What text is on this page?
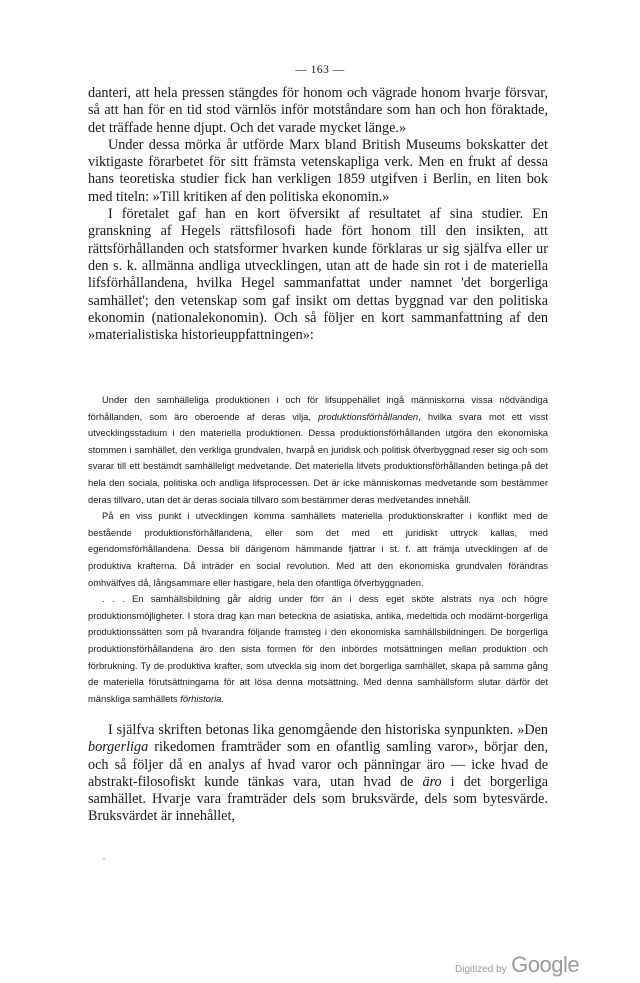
— 163 —

danteri, att hela pressen stängdes för honom och vägrade honom hvarje försvar, så att han för en tid stod värnlös inför motståndare som han och hon föraktade, det träffade henne djupt. Och det varade mycket länge.»

Under dessa mörka år utförde Marx bland British Museums bokskatter det viktigaste förarbetet för sitt främsta vetenskapliga verk. Men en frukt af dessa hans teoretiska studier fick han verkligen 1859 utgifven i Berlin, en liten bok med titeln: »Till kritiken af den politiska ekonomin.»

I företalet gaf han en kort öfversikt af resultatet af sina studier. En granskning af Hegels rättsfilosofi hade fört honom till den insikten, att rättsförhållanden och statsformer hvarken kunde förklaras ur sig själfva eller ur den s. k. allmänna andliga utvecklingen, utan att de hade sin rot i de materiella lifsförhållandena, hvilka Hegel sammanfattat under namnet 'det borgerliga samhället'; den vetenskap som gaf insikt om dettas byggnad var den politiska ekonomin (nationalekonomin). Och så följer en kort sammanfattning af den »materialistiska historieuppfattningen»:

Under den samhälleliga produktionen i och för lifsuppehället ingå människorna vissa nödvändiga förhållanden, som äro oberoende af deras vilja, produktionsförhållanden, hvilka svara mot ett visst utvecklingsstadium i den materiella produktionen. Dessa produktionsförhållanden utgöra den ekonomiska stommen i samhället, den verkliga grundvalen, hvarpå en juridisk och politisk öfverbyggnad reser sig och som svarar till ett bestämdt samhälleligt medvetande. Det materiella lifvets produktionsförhållanden betinga på det hela den sociala, politiska och andliga lifsprocessen. Det är icke människornas medvetande som bestämmer deras tillvaro, utan det är deras sociala tillvaro som bestämmer deras medvetandes innehåll.

På en viss punkt i utvecklingen komma samhällets materiella produktionskrafter i konflikt med de bestående produktionsförhållandena, eller som det med ett juridiskt uttryck kallas, med egendomsförhållandena. Dessa bli därigenom hämmande fjättrar i st. f. att främja utvecklingen af de produktiva krafterna. Då inträder en social revolution. Med att den ekonomiska grundvalen förändras omhvälfves då, långsammare eller hastigare, hela den ofantliga öfverbyggnaden.

. . . En samhällsbildning går aldrig under förr än i dess eget sköte alstrats nya och högre produktionsmöjligheter. I stora drag kan man beteckna de asiatiska, antika, medeltida och modärnt-borgerliga produktionssätten som på hvarandra följande framsteg i den ekonomiska samhällsbildningen. De borgerliga produktionsförhållandena äro den sista formen för den inbördes motsättningen mellan produktion och förbrukning. Ty de produktiva krafter, som utveckla sig inom det borgerliga samhället, skapa på samma gång de materiella förutsättningarna för att lösa denna motsättning. Med denna samhällsform slutar därför det mänskliga samhällets förhistoria.

I själfva skriften betonas lika genomgående den historiska synpunkten. »Den borgerliga rikedomen framträder som en ofantlig samling varor», börjar den, och så följer då en analys af hvad varor och pänningar äro — icke hvad de abstrakt-filosofiskt kunde tänkas vara, utan hvad de äro i det borgerliga samhället. Hvarje vara framträder dels som bruksvärde, dels som bytesvärde. Bruksvärdet är innehållet,

Digitized by Google
